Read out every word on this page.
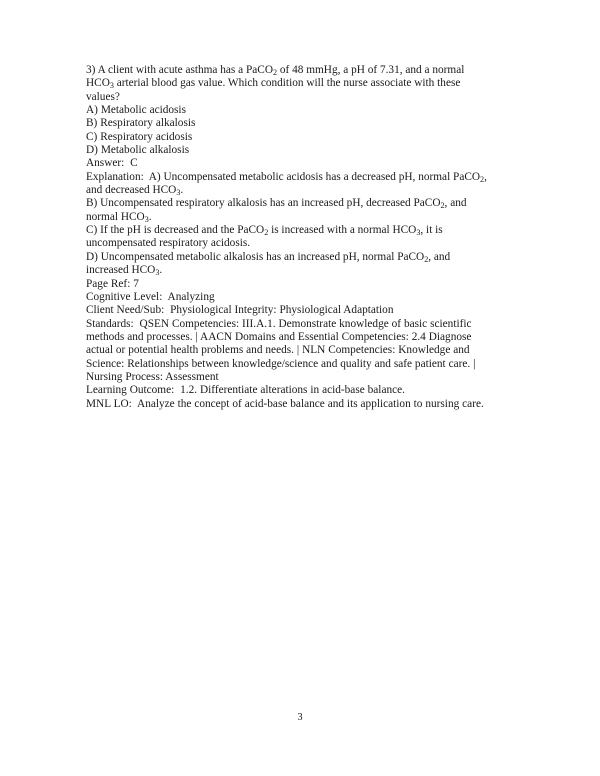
3) A client with acute asthma has a PaCO$_2$ of 48 mmHg, a pH of 7.31, and a normal
$HCO_3$ arterial blood gas value. Which condition will the nurse associate with these
values?
A) Metabolic acidosis
B) Respiratory alkalosis
C) Respiratory acidosis
D) Metabolic alkalosis
Answer:  C
Explanation:  A) Uncompensated metabolic acidosis has a decreased pH, normal PaCO$_2$,
and decreased $HCO_3$.
B) Uncompensated respiratory alkalosis has an increased pH, decreased PaCO$_2$, and
normal $HCO_3$.
C) If the pH is decreased and the PaCO$_2$ is increased with a normal $HCO_3$, it is
uncompensated respiratory acidosis.
D) Uncompensated metabolic alkalosis has an increased pH, normal PaCO$_2$, and
increased $HCO_3$.
Page Ref: 7
Cognitive Level:  Analyzing
Client Need/Sub:  Physiological Integrity: Physiological Adaptation
Standards:  QSEN Competencies: III.A.1. Demonstrate knowledge of basic scientific
methods and processes. | AACN Domains and Essential Competencies: 2.4 Diagnose
actual or potential health problems and needs. | NLN Competencies: Knowledge and
Science: Relationships between knowledge/science and quality and safe patient care. |
Nursing Process: Assessment
Learning Outcome:  1.2. Differentiate alterations in acid-base balance.
MNL LO:  Analyze the concept of acid-base balance and its application to nursing care.
3
